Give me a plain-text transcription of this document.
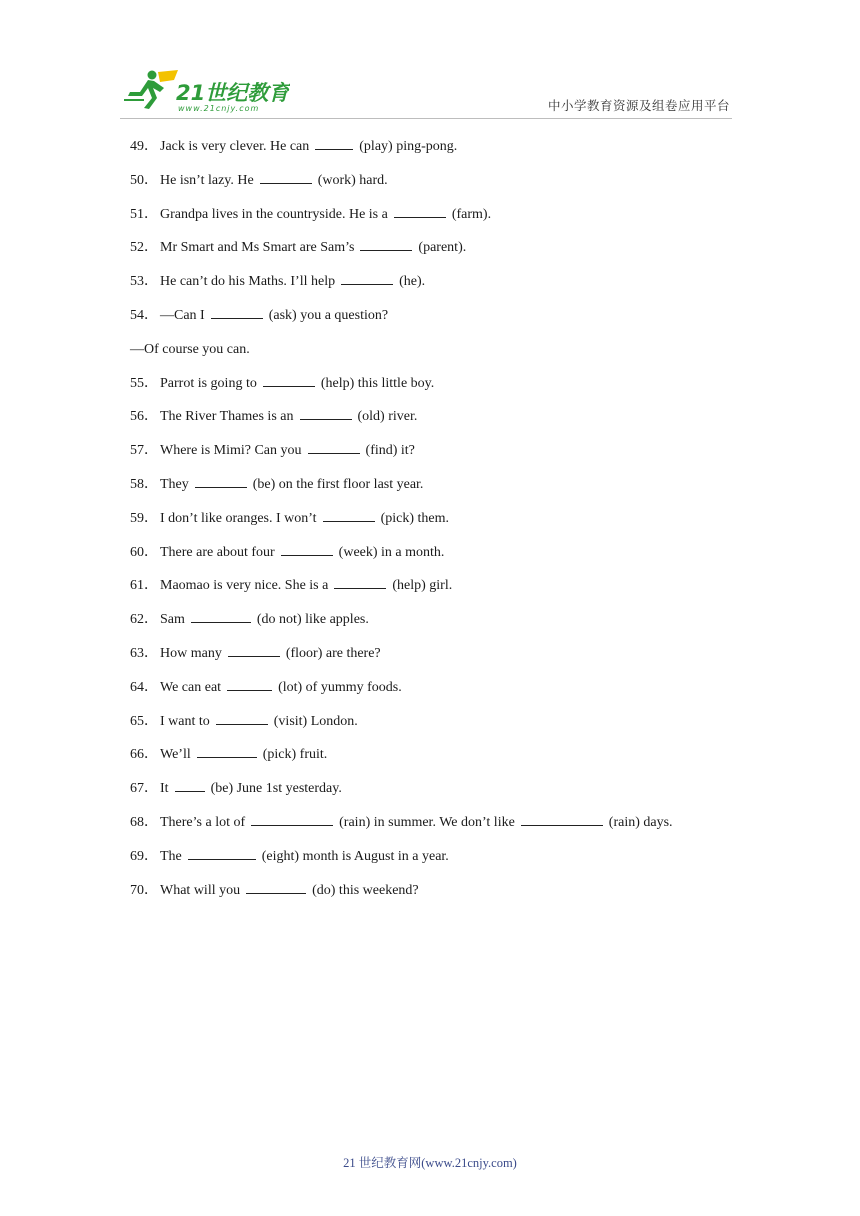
21世纪教育
www.21cnjy.com	中小学教育资源及组卷应用平台
49． Jack is very clever. He can	(play) ping-pong.
50． He isn’t lazy. He	(work) hard.
51． Grandpa lives in the countryside. He is a	(farm).
52． Mr Smart and Ms Smart are Sam’s	(parent).
53． He can’t do his Maths. I’ll help	(he).
54． —Can I	(ask) you a question?
—Of course you can.
55． Parrot is going to	(help) this little boy.
56． The River Thames is an	(old) river.
57． Where is Mimi? Can you	(find) it?
58． They	(be) on the first floor last year.
59． I don’t like oranges. I won’t	(pick) them.
60． There are about four	(week) in a month.
61． Maomao is very nice. She is a	(help) girl.
62． Sam	(do not) like apples.
63． How many	(floor) are there?
64． We can eat	(lot) of yummy foods.
65． I want to	(visit) London.
66． We’ll	(pick) fruit.
67． It	(be) June 1st yesterday.
68． There’s a lot of	(rain) in summer. We don’t like	(rain) days.
69． The	(eight) month is August in a year.
70． What will you	(do) this weekend?
21 世纪教育网(www.21cnjy.com)
